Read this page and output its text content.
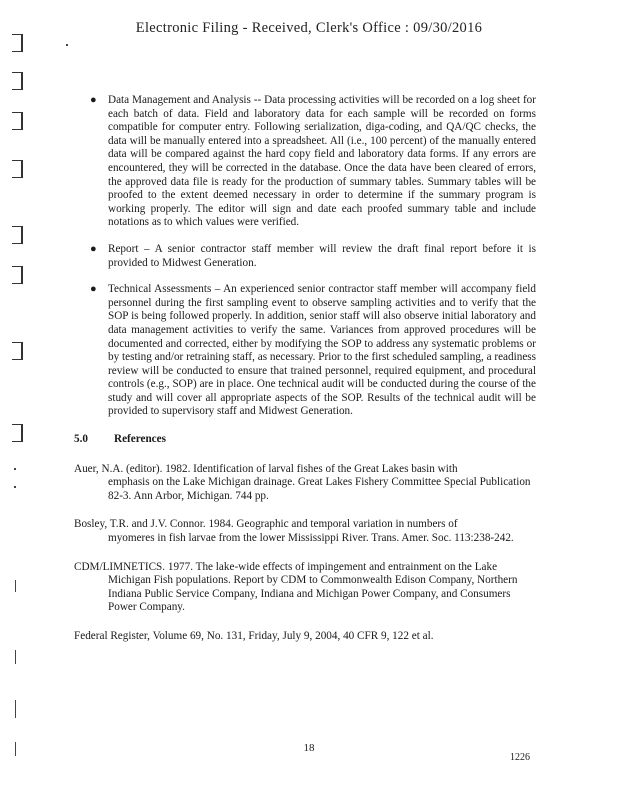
Electronic Filing - Received, Clerk's Office : 09/30/2016
● Data Management and Analysis -- Data processing activities will be recorded on a log sheet for each batch of data. Field and laboratory data for each sample will be recorded on forms compatible for computer entry. Following serialization, diga-coding, and QA/QC checks, the data will be manually entered into a spreadsheet. All (i.e., 100 percent) of the manually entered data will be compared against the hard copy field and laboratory data forms. If any errors are encountered, they will be corrected in the database. Once the data have been cleared of errors, the approved data file is ready for the production of summary tables. Summary tables will be proofed to the extent deemed necessary in order to determine if the summary program is working properly. The editor will sign and date each proofed summary table and include notations as to which values were verified.
● Report – A senior contractor staff member will review the draft final report before it is provided to Midwest Generation.
● Technical Assessments – An experienced senior contractor staff member will accompany field personnel during the first sampling event to observe sampling activities and to verify that the SOP is being followed properly. In addition, senior staff will also observe initial laboratory and data management activities to verify the same. Variances from approved procedures will be documented and corrected, either by modifying the SOP to address any systematic problems or by testing and/or retraining staff, as necessary. Prior to the first scheduled sampling, a readiness review will be conducted to ensure that trained personnel, required equipment, and procedural controls (e.g., SOP) are in place. One technical audit will be conducted during the course of the study and will cover all appropriate aspects of the SOP. Results of the technical audit will be provided to supervisory staff and Midwest Generation.
5.0	References
Auer, N.A. (editor). 1982. Identification of larval fishes of the Great Lakes basin with
emphasis on the Lake Michigan drainage. Great Lakes Fishery Committee Special Publication 82-3. Ann Arbor, Michigan. 744 pp.
Bosley, T.R. and J.V. Connor. 1984. Geographic and temporal variation in numbers of
myomeres in fish larvae from the lower Mississippi River. Trans. Amer. Soc. 113:238-242.
CDM/LIMNETICS. 1977. The lake-wide effects of impingement and entrainment on the Lake
Michigan Fish populations. Report by CDM to Commonwealth Edison Company, Northern Indiana Public Service Company, Indiana and Michigan Power Company, and Consumers Power Company.
Federal Register, Volume 69, No. 131, Friday, July 9, 2004, 40 CFR 9, 122 et al.
18
1226
